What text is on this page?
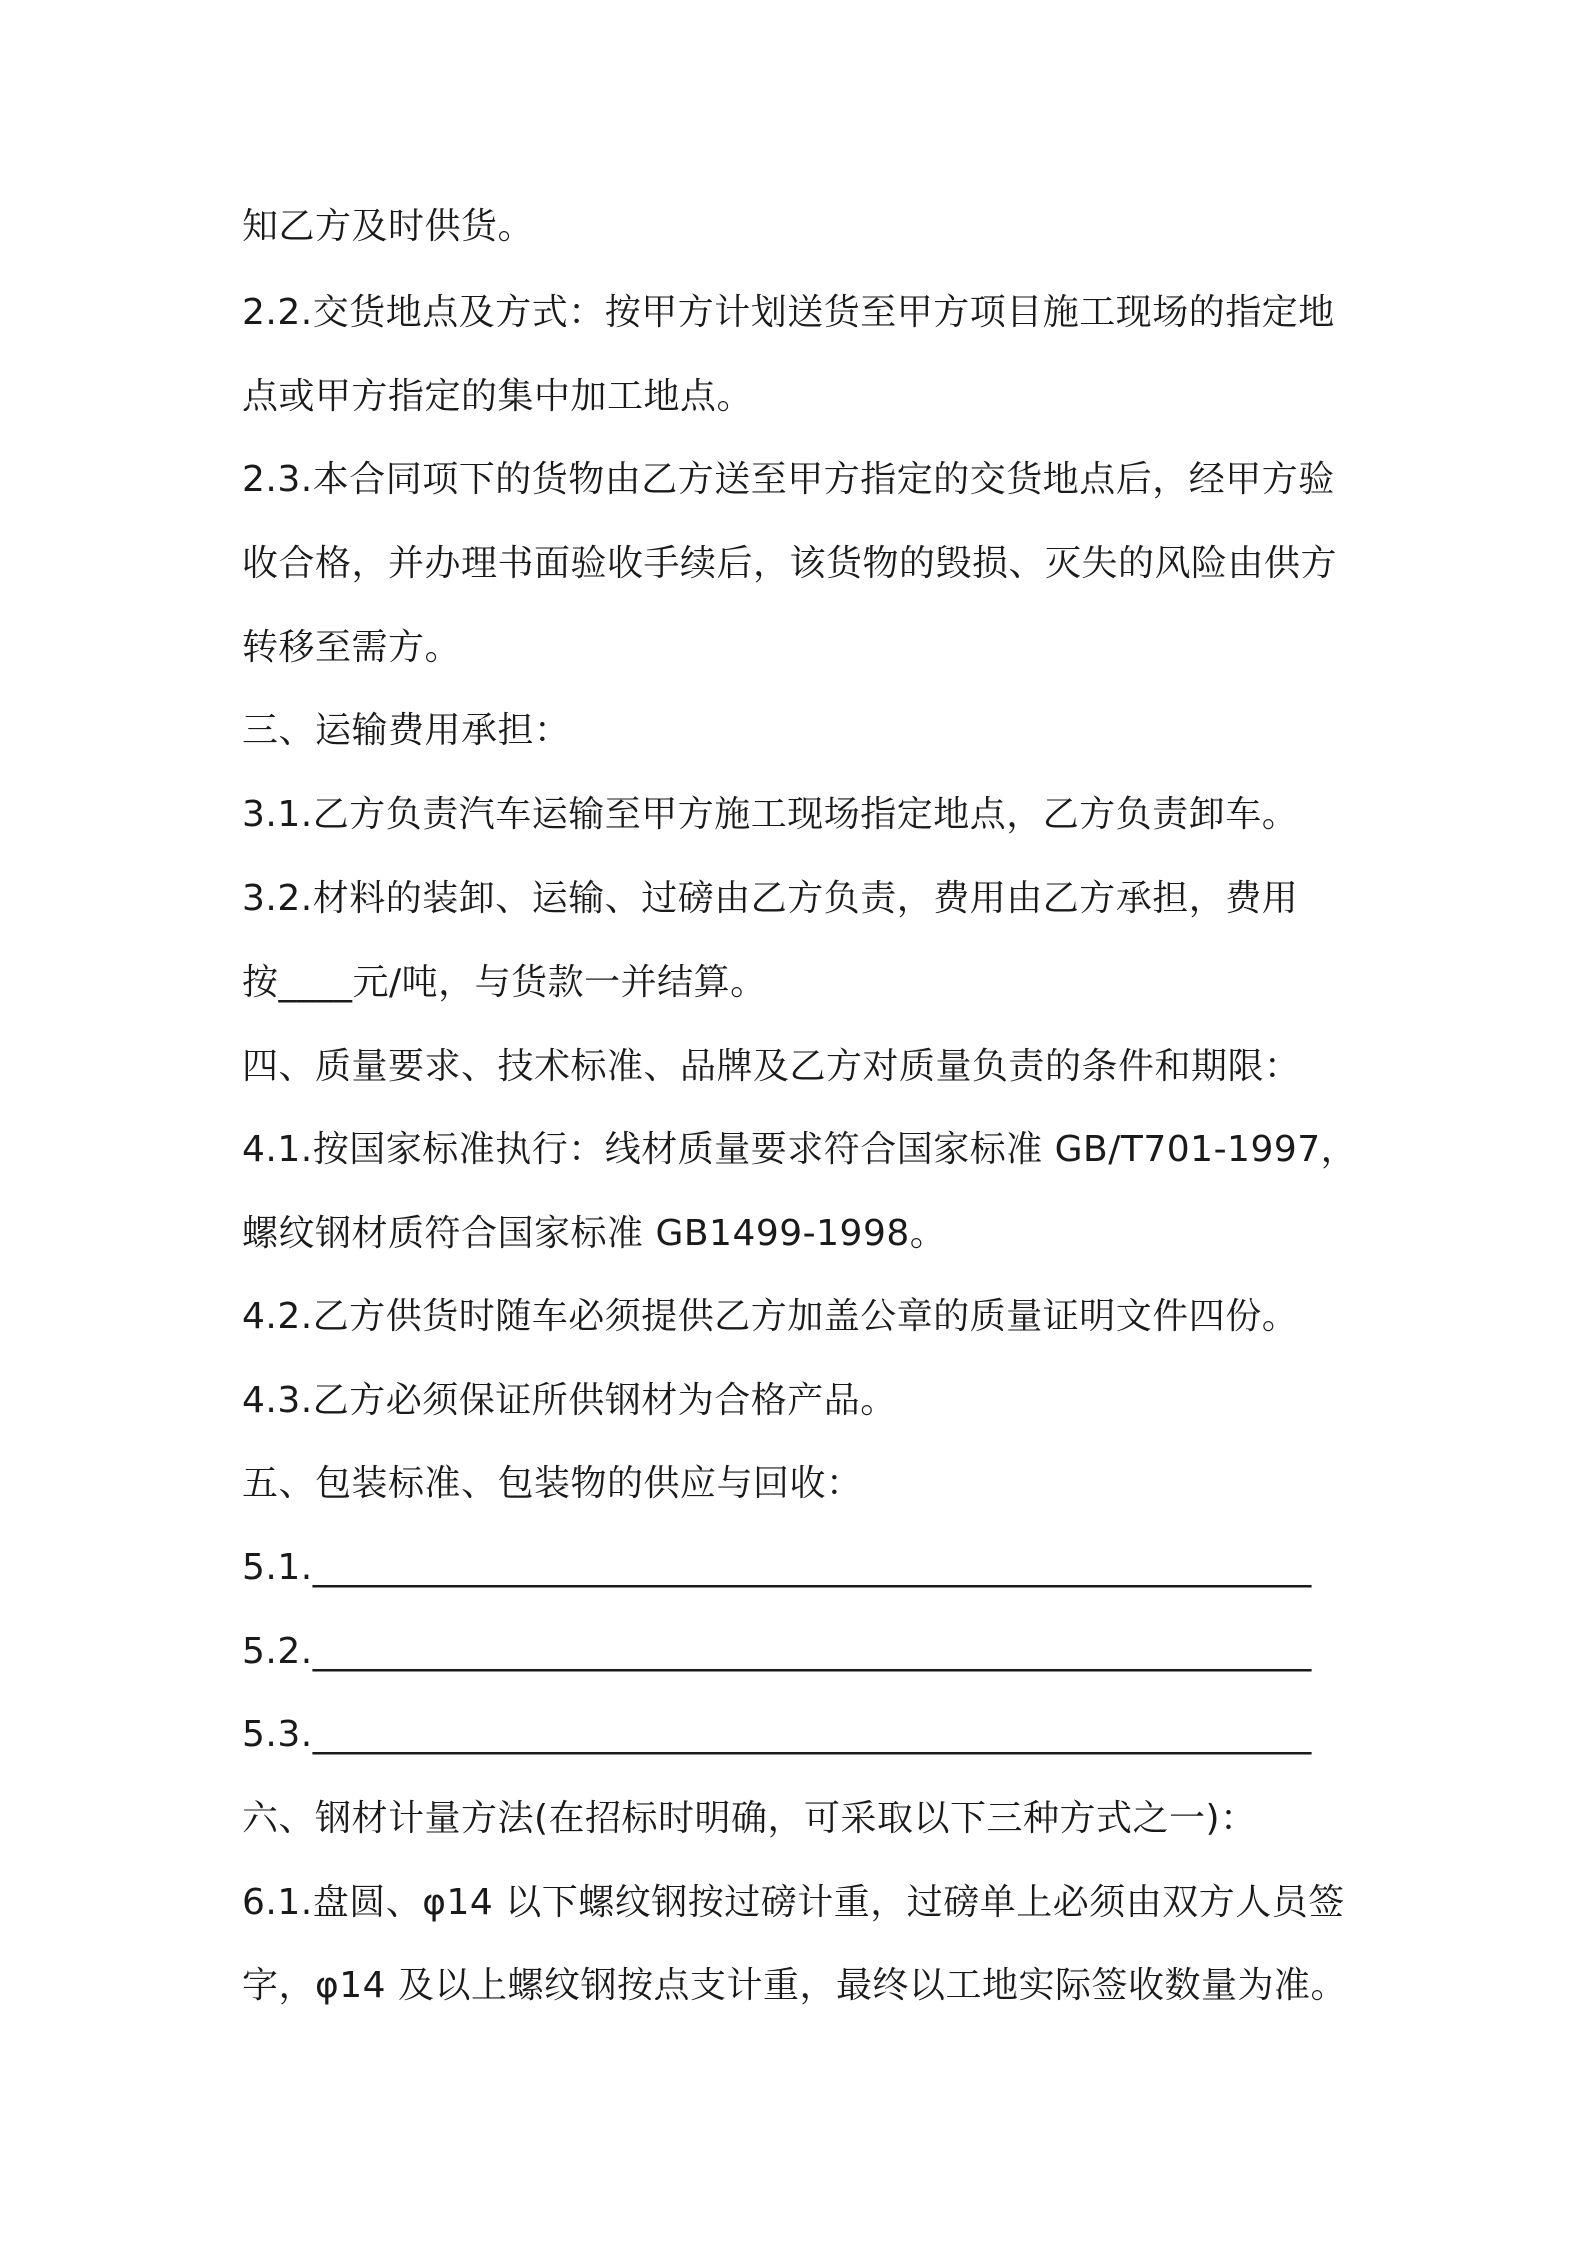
知乙方及时供货。
2.2.交货地点及方式：按甲方计划送货至甲方项目施工现场的指定地
点或甲方指定的集中加工地点。
2.3.本合同项下的货物由乙方送至甲方指定的交货地点后，经甲方验
收合格，并办理书面验收手续后，该货物的毁损、灭失的风险由供方
转移至需方。
三、运输费用承担：
3.1.乙方负责汽车运输至甲方施工现场指定地点，乙方负责卸车。
3.2.材料的装卸、运输、过磅由乙方负责，费用由乙方承担，费用
按____元/吨，与货款一并结算。
四、质量要求、技术标准、品牌及乙方对质量负责的条件和期限：
4.1.按国家标准执行：线材质量要求符合国家标准 GB/T701-1997，
螺纹钢材质符合国家标准 GB1499-1998。
4.2.乙方供货时随车必须提供乙方加盖公章的质量证明文件四份。
4.3.乙方必须保证所供钢材为合格产品。
五、包装标准、包装物的供应与回收：
5.1.______________________________________________________
5.2.______________________________________________________
5.3.______________________________________________________
六、钢材计量方法(在招标时明确，可采取以下三种方式之一)：
6.1.盘圆、φ14 以下螺纹钢按过磅计重，过磅单上必须由双方人员签
字，φ14 及以上螺纹钢按点支计重，最终以工地实际签收数量为准。
